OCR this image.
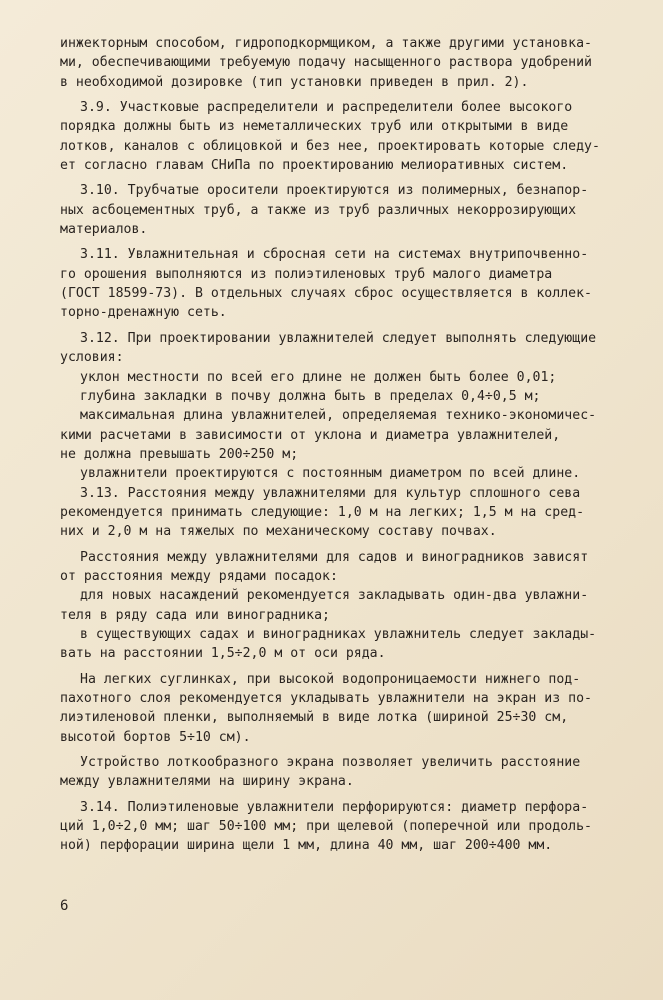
инжекторным способом, гидроподкормщиком, а также другими установка-
ми, обеспечивающими требуемую подачу насыщенного раствора удобрений
в необходимой дозировке (тип установки приведен в прил. 2).
3.9. Участковые распределители и распределители более высокого
порядка должны быть из неметаллических труб или открытыми в виде
лотков, каналов с облицовкой и без нее, проектировать которые следу-
ет согласно главам СНиПа по проектированию мелиоративных систем.
3.10. Трубчатые оросители проектируются из полимерных, безнапор-
ных асбоцементных труб, а также из труб различных некоррозирующих
материалов.
3.11. Увлажнительная и сбросная сети на системах внутрипочвенно-
го орошения выполняются из полиэтиленовых труб малого диаметра
(ГОСТ 18599-73). В отдельных случаях сброс осуществляется в коллек-
торно-дренажную сеть.
3.12. При проектировании увлажнителей следует выполнять следующие
условия:
уклон местности по всей его длине не должен быть более 0,01;
глубина закладки в почву должна быть в пределах 0,4÷0,5 м;
максимальная длина увлажнителей, определяемая технико-экономичес-
кими расчетами в зависимости от уклона и диаметра увлажнителей,
не должна превышать 200÷250 м;
увлажнители проектируются с постоянным диаметром по всей длине.
3.13. Расстояния между увлажнителями для культур сплошного сева
рекомендуется принимать следующие: 1,0 м на легких; 1,5 м на сред-
них и 2,0 м на тяжелых по механическому составу почвах.
Расстояния между увлажнителями для садов и виноградников зависят
от расстояния между рядами посадок:
для новых насаждений рекомендуется закладывать один-два увлажни-
теля в ряду сада или виноградника;
в существующих садах и виноградниках увлажнитель следует заклады-
вать на расстоянии 1,5÷2,0 м от оси ряда.
На легких суглинках, при высокой водопроницаемости нижнего под-
пахотного слоя рекомендуется укладывать увлажнители на экран из по-
лиэтиленовой пленки, выполняемый в виде лотка (шириной 25÷30 см,
высотой бортов 5÷10 см).
Устройство лоткообразного экрана позволяет увеличить расстояние
между увлажнителями на ширину экрана.
3.14. Полиэтиленовые увлажнители перфорируются: диаметр перфора-
ций 1,0÷2,0 мм; шаг 50÷100 мм; при щелевой (поперечной или продоль-
ной) перфорации ширина щели 1 мм, длина 40 мм, шаг 200÷400 мм.
6
